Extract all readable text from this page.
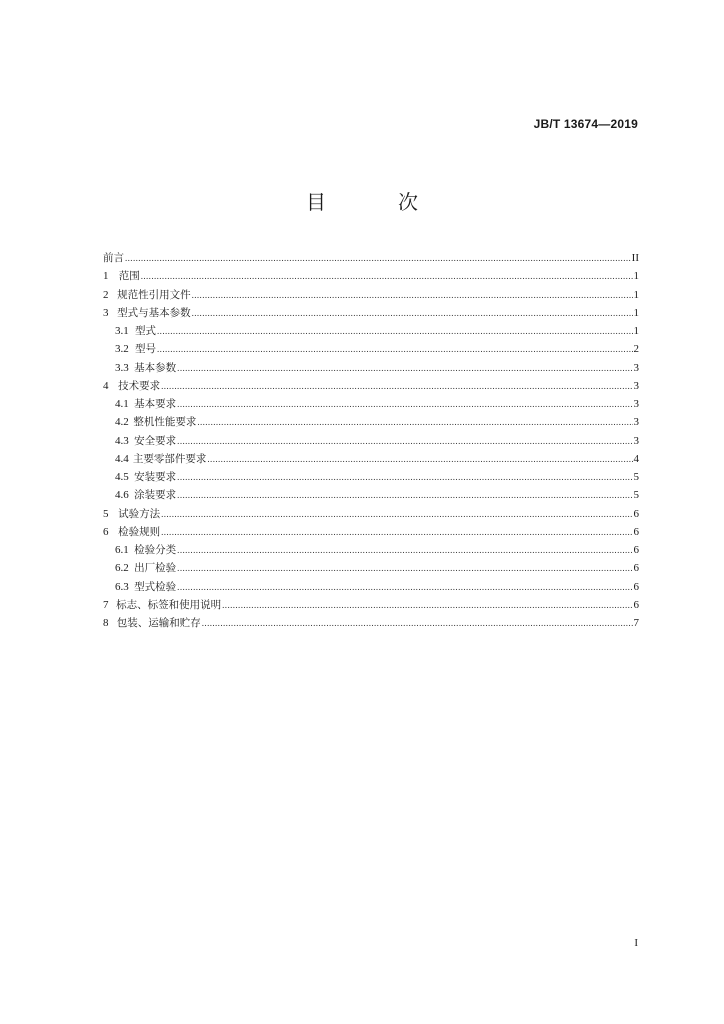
JB/T 13674—2019
目　次
前言 .....	II
1 范围 .....	1
2 规范性引用文件 .....	1
3 型式与基本参数 .....	1
3.1 型式 .....	1
3.2 型号 .....	2
3.3 基本参数 .....	3
4 技术要求 .....	3
4.1 基本要求 .....	3
4.2 整机性能要求 .....	3
4.3 安全要求 .....	3
4.4 主要零部件要求 .....	4
4.5 安装要求 .....	5
4.6 涂装要求 .....	5
5 试验方法 .....	6
6 检验规则 .....	6
6.1 检验分类 .....	6
6.2 出厂检验 .....	6
6.3 型式检验 .....	6
7 标志、标签和使用说明 .....	6
8 包装、运输和贮存 .....	7
I
